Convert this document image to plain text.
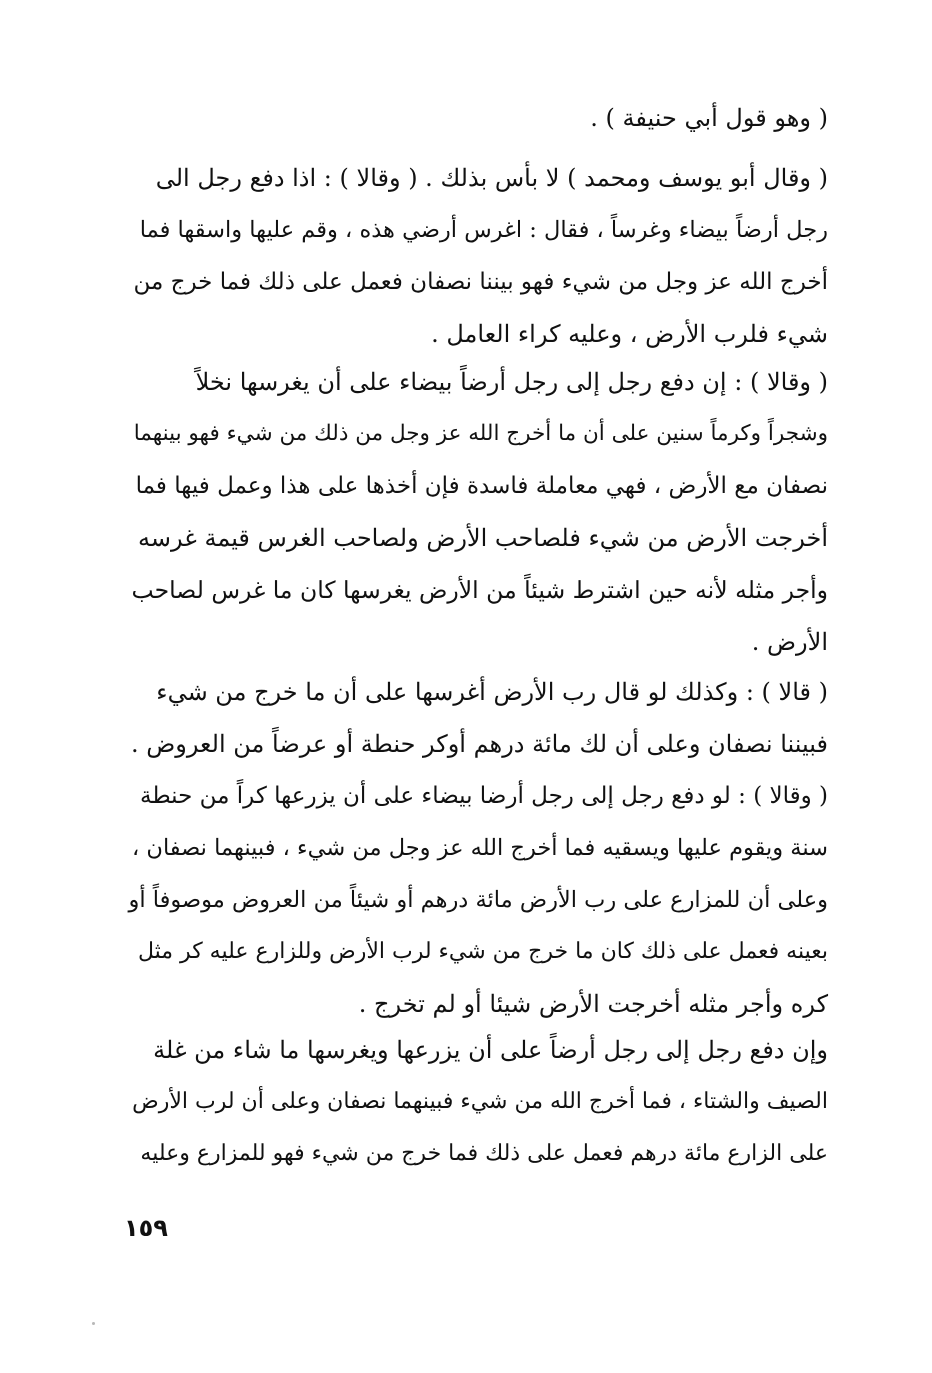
( وهو قول أبي حنيفة ) .
( وقال أبو يوسف ومحمد ) لا بأس بذلك . ( وقالا ) : اذا دفع رجل الى
رجل أرضاً بيضاء وغرساً ، فقال : اغرس أرضي هذه ، وقم عليها واسقها فما
أخرج الله عز وجل من شيء فهو بيننا نصفان فعمل على ذلك فما خرج من
شيء فلرب الأرض ، وعليه كراء العامل .
( وقالا ) : إن دفع رجل إلى رجل أرضاً بيضاء على أن يغرسها نخلاً
وشجراً وكرماً سنين على أن ما أخرج الله عز وجل من ذلك من شيء فهو بينهما
نصفان مع الأرض ، فهي معاملة فاسدة فإن أخذها على هذا وعمل فيها فما
أخرجت الأرض من شيء فلصاحب الأرض ولصاحب الغرس قيمة غرسه
وأجر مثله لأنه حين اشترط شيئاً من الأرض يغرسها كان ما غرس لصاحب
الأرض .
( قالا ) : وكذلك لو قال رب الأرض أغرسها على أن ما خرج من شيء
فبيننا نصفان وعلى أن لك مائة درهم أوكر حنطة أو عرضاً من العروض .
( وقالا ) : لو دفع رجل إلى رجل أرضا بيضاء على أن يزرعها كراً من حنطة
سنة ويقوم عليها ويسقيه فما أخرج الله عز وجل من شيء ، فبينهما نصفان ،
وعلى أن للمزارع على رب الأرض مائة درهم أو شيئاً من العروض موصوفاً أو
بعينه فعمل على ذلك كان ما خرج من شيء لرب الأرض وللزارع عليه كر مثل
كره وأجر مثله أخرجت الأرض شيئا أو لم تخرج .
وإن دفع رجل إلى رجل أرضاً على أن يزرعها ويغرسها ما شاء من غلة
الصيف والشتاء ، فما أخرج الله من شيء فبينهما نصفان وعلى أن لرب الأرض
على الزارع مائة درهم فعمل على ذلك فما خرج من شيء فهو للمزارع وعليه
١٥٩
